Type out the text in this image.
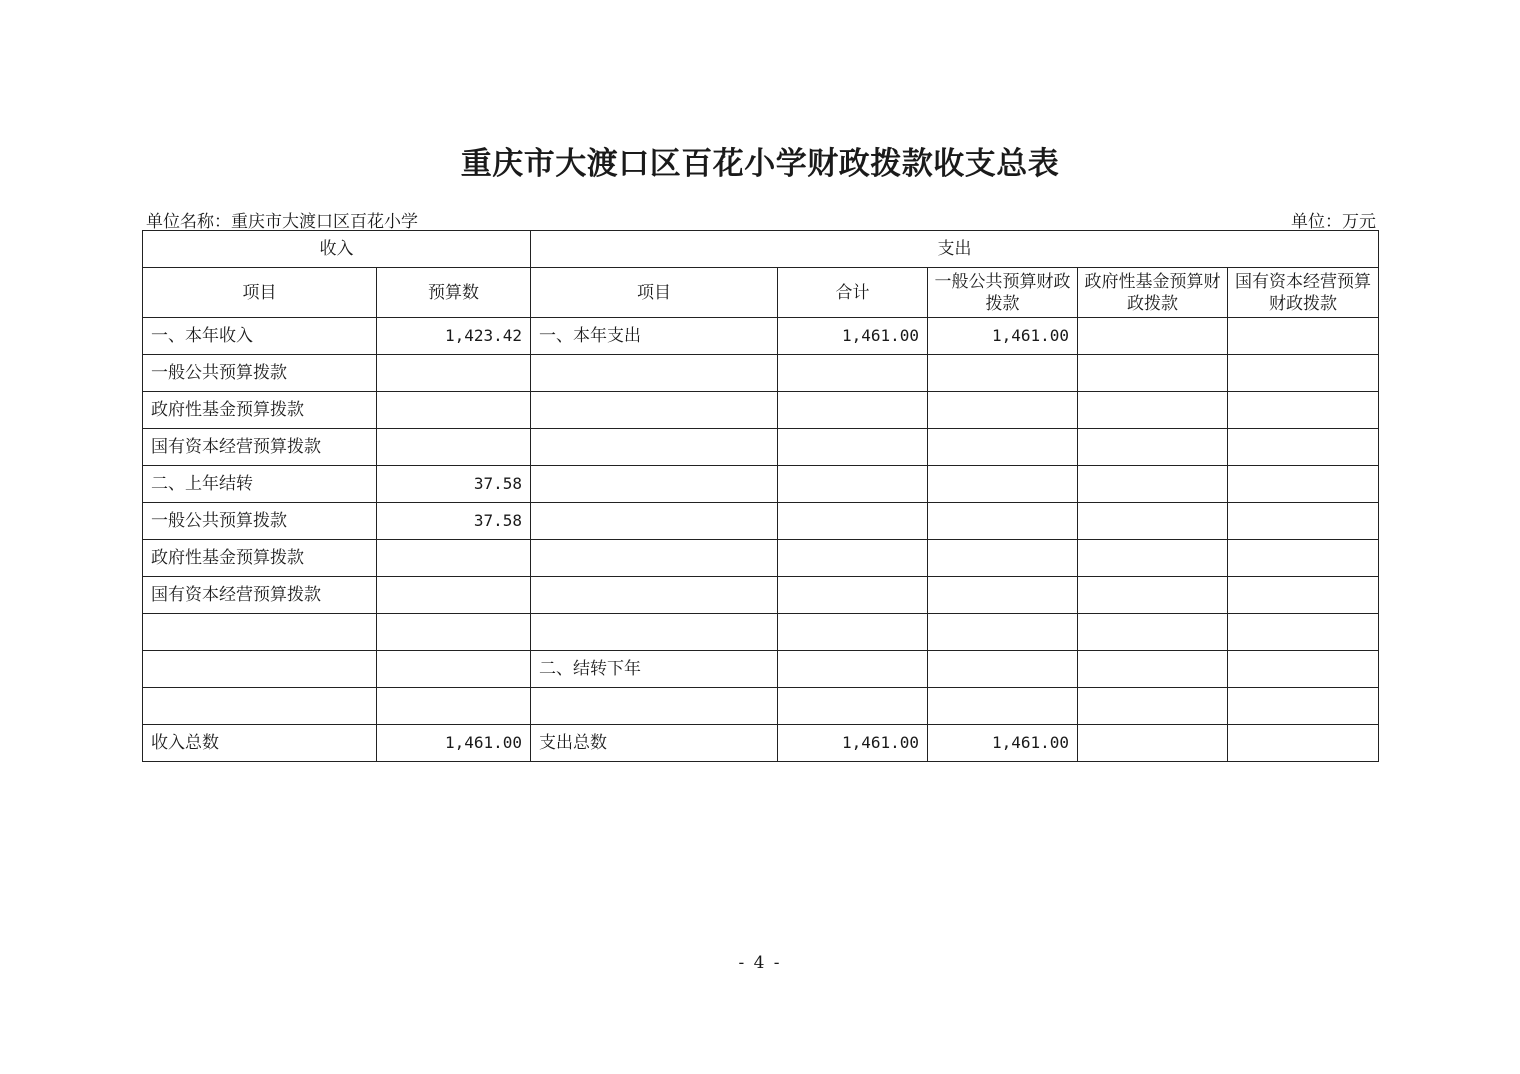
重庆市大渡口区百花小学财政拨款收支总表
单位名称：重庆市大渡口区百花小学	单位：万元
收入		支出				
项目	预算数	项目	合计	一般公共预算财政拨款	政府性基金预算财政拨款	国有资本经营预算财政拨款
一、本年收入	1,423.42	一、本年支出	1,461.00	1,461.00		
一般公共预算拨款						
政府性基金预算拨款						
国有资本经营预算拨款						
二、上年结转	37.58					
一般公共预算拨款	37.58					
政府性基金预算拨款						
国有资本经营预算拨款						

		二、结转下年				

收入总数	1,461.00	支出总数	1,461.00	1,461.00		
- 4 -
